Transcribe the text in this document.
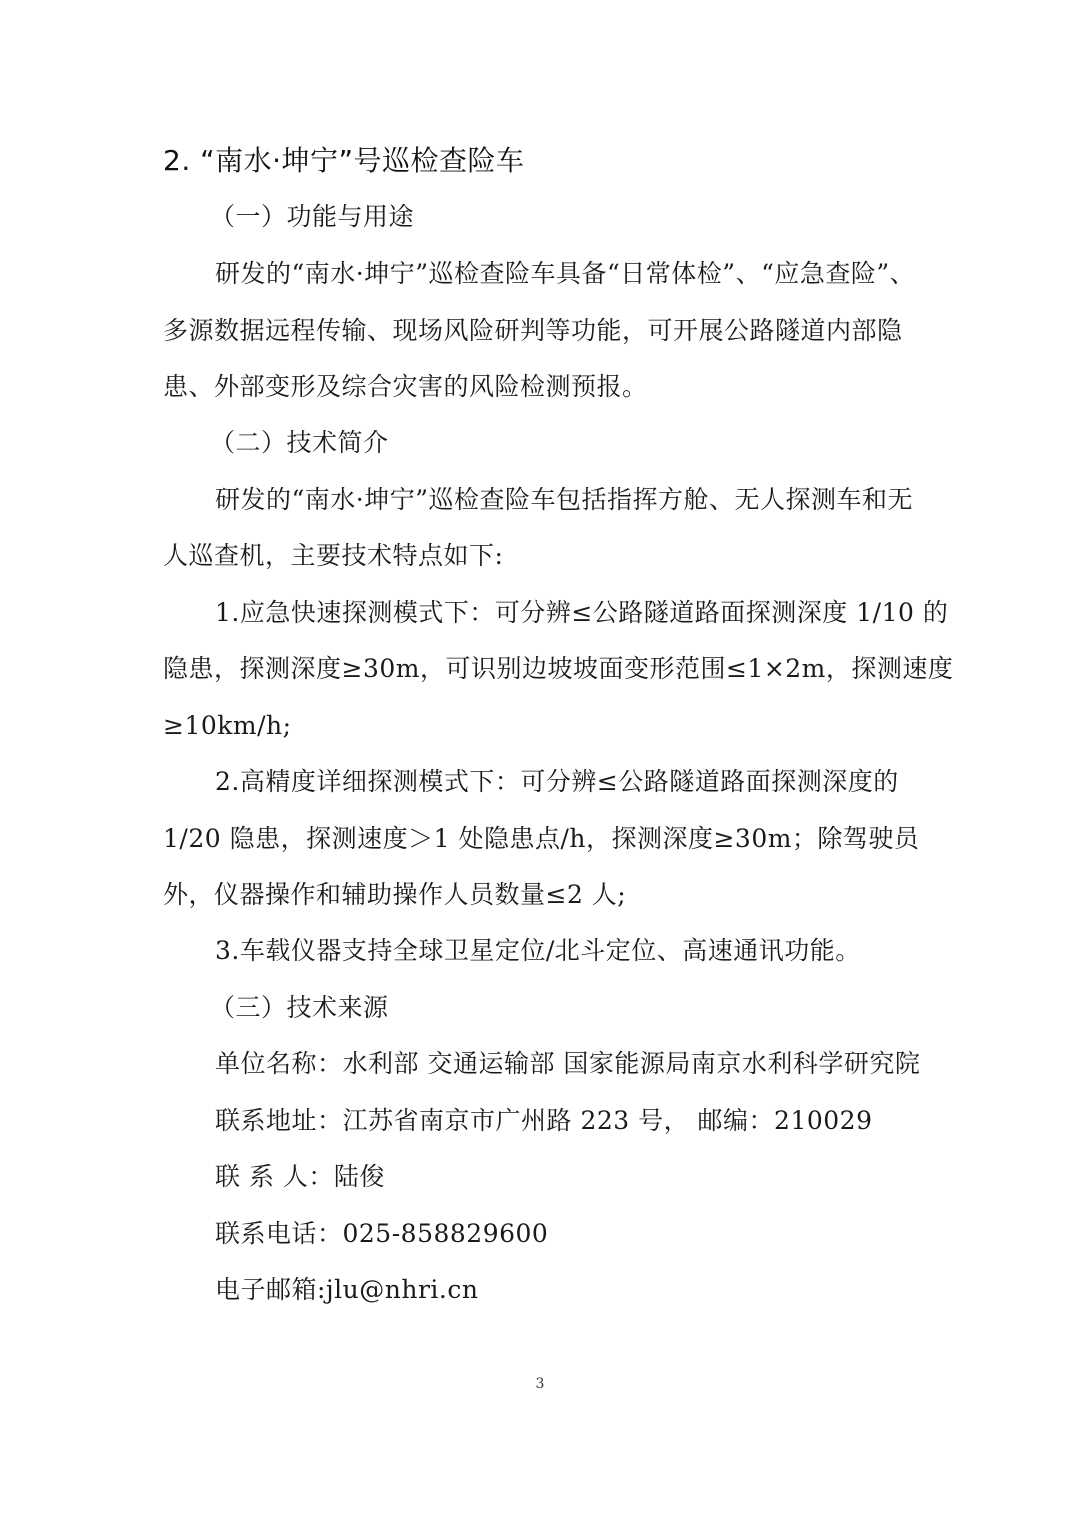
2. “南水·坤宁”号巡检查险车
（一）功能与用途
研发的“南水·坤宁”巡检查险车具备“日常体检”、“应急查险”、
多源数据远程传输、现场风险研判等功能，可开展公路隧道内部隐
患、外部变形及综合灾害的风险检测预报。
（二）技术简介
研发的“南水·坤宁”巡检查险车包括指挥方舱、无人探测车和无
人巡查机，主要技术特点如下:
1.应急快速探测模式下：可分辨≤公路隧道路面探测深度 1/10 的
隐患，探测深度≥30m，可识别边坡坡面变形范围≤1×2m，探测速度
≥10km/h;
2.高精度详细探测模式下：可分辨≤公路隧道路面探测深度的
1/20 隐患，探测速度＞1 处隐患点/h，探测深度≥30m；除驾驶员
外，仪器操作和辅助操作人员数量≤2 人;
3.车载仪器支持全球卫星定位/北斗定位、高速通讯功能。
（三）技术来源
单位名称：水利部 交通运输部 国家能源局南京水利科学研究院
联系地址：江苏省南京市广州路 223 号， 邮编：210029
联 系 人：陆俊
联系电话：025-858829600
电子邮箱:jlu@nhri.cn
3
